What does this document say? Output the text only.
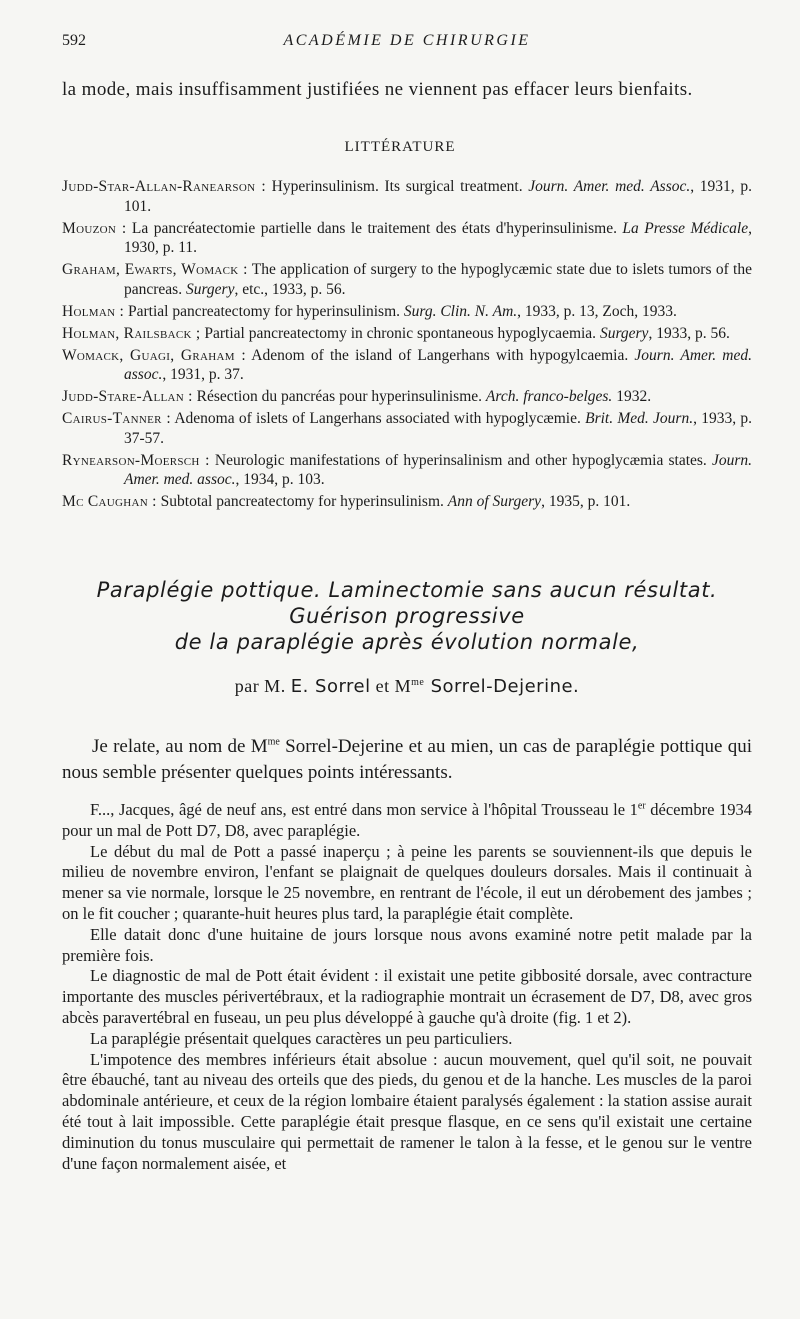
592	ACADÉMIE DE CHIRURGIE
la mode, mais insuffisamment justifiées ne viennent pas effacer leurs bienfaits.
LITTÉRATURE

Judd-Star-Allan-Ranearson : Hyperinsulinism. Its surgical treatment. Journ. Amer. med. Assoc., 1931, p. 101.

Mouzon : La pancréatectomie partielle dans le traitement des états d'hyperinsulinisme. La Presse Médicale, 1930, p. 11.

Graham, Ewarts, Womack : The application of surgery to the hypoglycæmic state due to islets tumors of the pancreas. Surgery, etc., 1933, p. 56.

Holman : Partial pancreatectomy for hyperinsulinism. Surg. Clin. N. Am., 1933, p. 13, Zoch, 1933.

Holman, Railsback ; Partial pancreatectomy in chronic spontaneous hypoglycaemia. Surgery, 1933, p. 56.

Womack, Guagi, Graham : Adenom of the island of Langerhans with hypogylcaemia. Journ. Amer. med. assoc., 1931, p. 37.

Judd-Stare-Allan : Résection du pancréas pour hyperinsulinisme. Arch. franco-belges. 1932.

Cairus-Tanner : Adenoma of islets of Langerhans associated with hypoglycæmie. Brit. Med. Journ., 1933, p. 37-57.

Rynearson-Moersch : Neurologic manifestations of hyperinsalinism and other hypoglycæmia states. Journ. Amer. med. assoc., 1934, p. 103.

Mc Caughan : Subtotal pancreatectomy for hyperinsulinism. Ann of Surgery, 1935, p. 101.

Paraplégie pottique. Laminectomie sans aucun résultat.
Guérison progressive
de la paraplégie après évolution normale,
par M. E. Sorrel et $M^{me}$ Sorrel-Dejerine.
Je relate, au nom de $M^{me}$ Sorrel-Dejerine et au mien, un cas de paraplégie pottique qui nous semble présenter quelques points intéressants.

F..., Jacques, âgé de neuf ans, est entré dans mon service à l'hôpital Trousseau le 1er décembre 1934 pour un mal de Pott D7, D8, avec paraplégie.

Le début du mal de Pott a passé inaperçu ; à peine les parents se souviennent-ils que depuis le milieu de novembre environ, l'enfant se plaignait de quelques douleurs dorsales. Mais il continuait à mener sa vie normale, lorsque le 25 novembre, en rentrant de l'école, il eut un dérobement des jambes ; on le fit coucher ; quarante-huit heures plus tard, la paraplégie était complète.

Elle datait donc d'une huitaine de jours lorsque nous avons examiné notre petit malade par la première fois.

Le diagnostic de mal de Pott était évident : il existait une petite gibbosité dorsale, avec contracture importante des muscles périvertébraux, et la radiographie montrait un écrasement de D7, D8, avec gros abcès paravertébral en fuseau, un peu plus développé à gauche qu'à droite (fig. 1 et 2).

La paraplégie présentait quelques caractères un peu particuliers.

L'impotence des membres inférieurs était absolue : aucun mouvement, quel qu'il soit, ne pouvait être ébauché, tant au niveau des orteils que des pieds, du genou et de la hanche. Les muscles de la paroi abdominale antérieure, et ceux de la région lombaire étaient paralysés également : la station assise aurait été tout à lait impossible. Cette paraplégie était presque flasque, en ce sens qu'il existait une certaine diminution du tonus musculaire qui permettait de ramener le talon à la fesse, et le genou sur le ventre d'une façon normalement aisée, et
